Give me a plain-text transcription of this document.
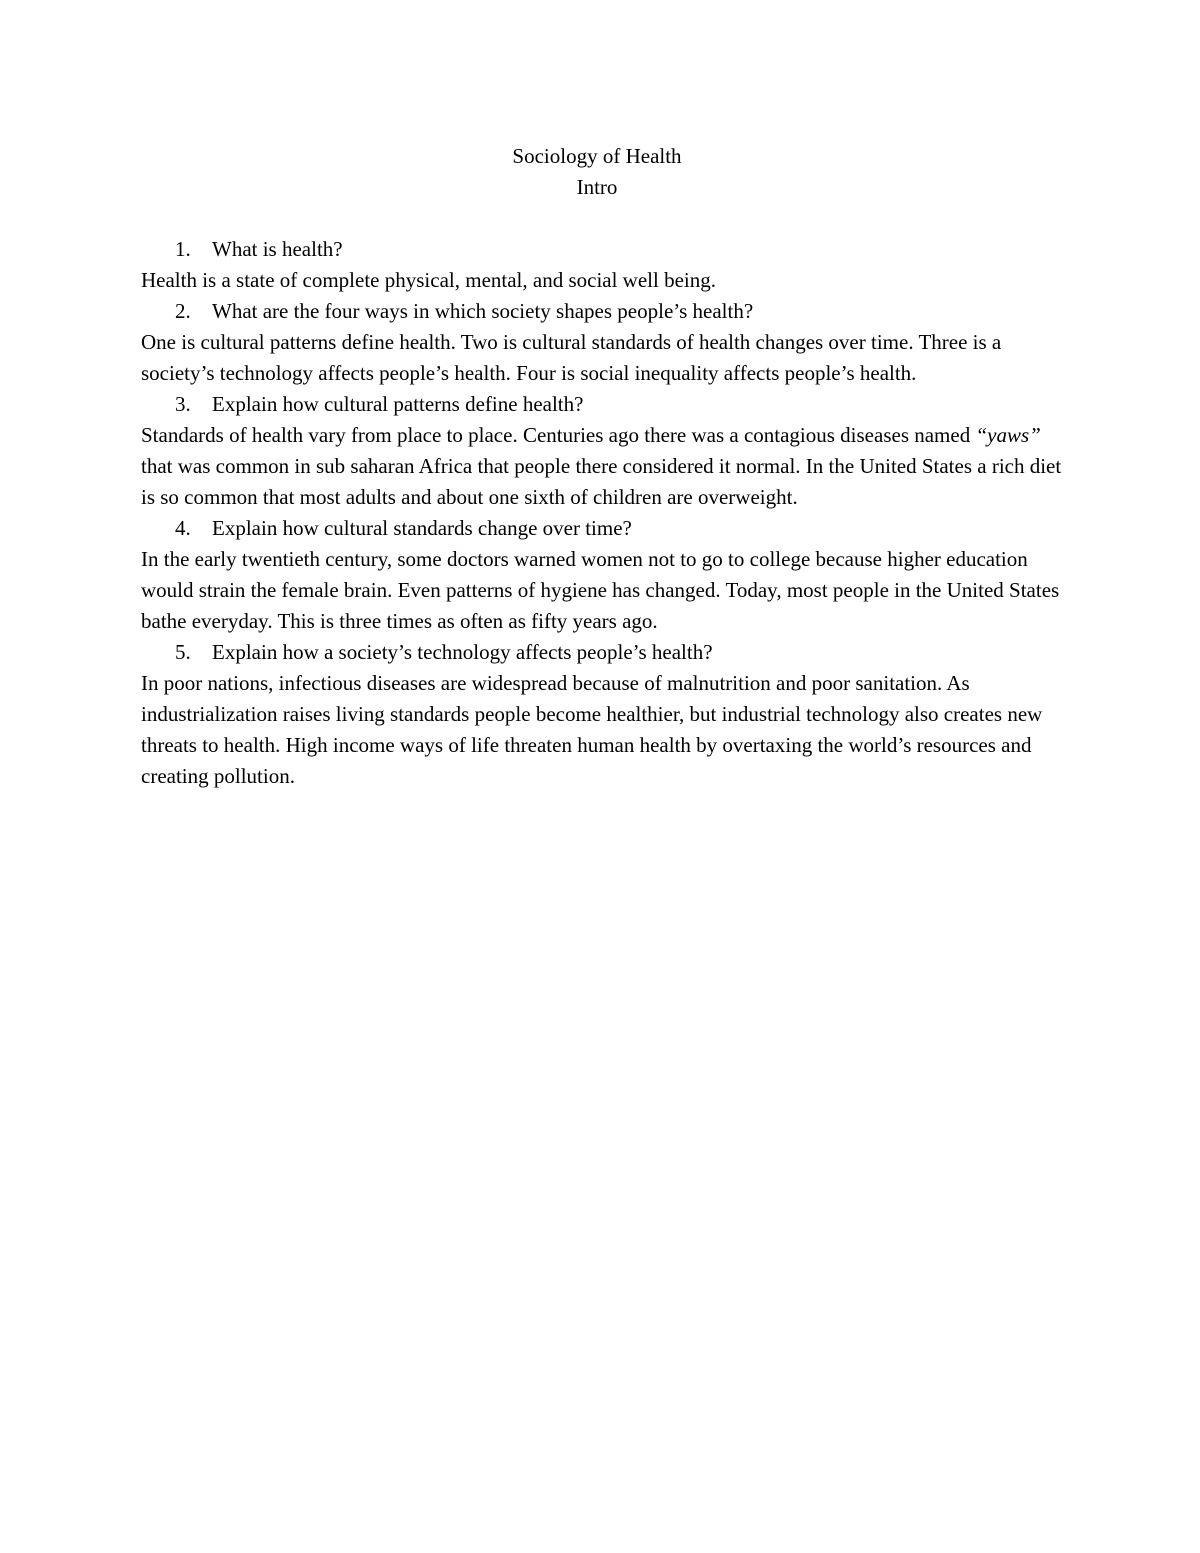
Sociology of Health
Intro
1.	What is health?

Health is a state of complete physical, mental, and social well being.

2.	What are the four ways in which society shapes people’s health?

One is cultural patterns define health. Two is cultural standards of health changes over time. Three is a society’s technology affects people’s health. Four is social inequality affects people’s health.

3.	Explain how cultural patterns define health?

Standards of health vary from place to place. Centuries ago there was a contagious diseases named “yaws” that was common in sub saharan Africa that people there considered it normal. In the United States a rich diet is so common that most adults and about one sixth of children are overweight.

4.	Explain how cultural standards change over time?

In the early twentieth century, some doctors warned women not to go to college because higher education would strain the female brain. Even patterns of hygiene has changed. Today, most people in the United States bathe everyday. This is three times as often as fifty years ago.

5.	Explain how a society’s technology affects people’s health?

In poor nations, infectious diseases are widespread because of malnutrition and poor sanitation. As industrialization raises living standards people become healthier, but industrial technology also creates new threats to health. High income ways of life threaten human health by overtaxing the world’s resources and creating pollution.
